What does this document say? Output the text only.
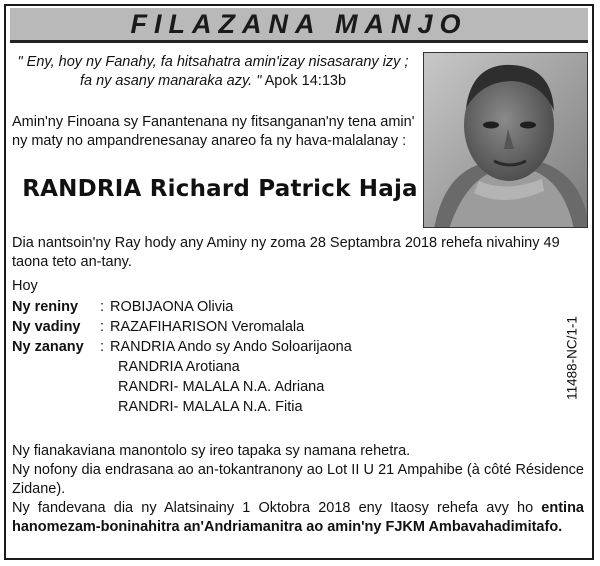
FILAZANA MANJO
" Eny, hoy ny Fanahy, fa hitsahatra amin'izay nisasarany izy ;
fa ny asany manaraka azy. " Apok 14:13b
Amin'ny Finoana sy Fanantenana ny fitsanganan'ny tena amin'
ny maty no ampandrenesanay anareo fa ny hava-malalanay :
RANDRIA Richard Patrick Haja
Dia nantsoin'ny Ray hody any Aminy ny zoma 28 Septambra 2018 rehefa nivahiny 49 taona teto an-tany.
Hoy
Ny reniny	: ROBIJAONA Olivia
Ny vadiny	: RAZAFIHARISON Veromalala
Ny zanany	: RANDRIA Ando sy Ando Soloarijaona
RANDRIA Arotiana
RANDRI- MALALA N.A. Adriana
RANDRI- MALALA N.A. Fitia
11488-NC/1-1

Ny fianakaviana manontolo sy ireo tapaka sy namana rehetra.

Ny nofony dia endrasana ao an-tokantranony ao Lot II U 21 Ampahibe (à côté Résidence Zidane).

Ny fandevana dia ny Alatsinainy 1 Oktobra 2018 eny Itaosy rehefa avy ho entina hanomezam-boninahitra an'Andriamanitra ao amin'ny FJKM Ambavahadimitafo.
